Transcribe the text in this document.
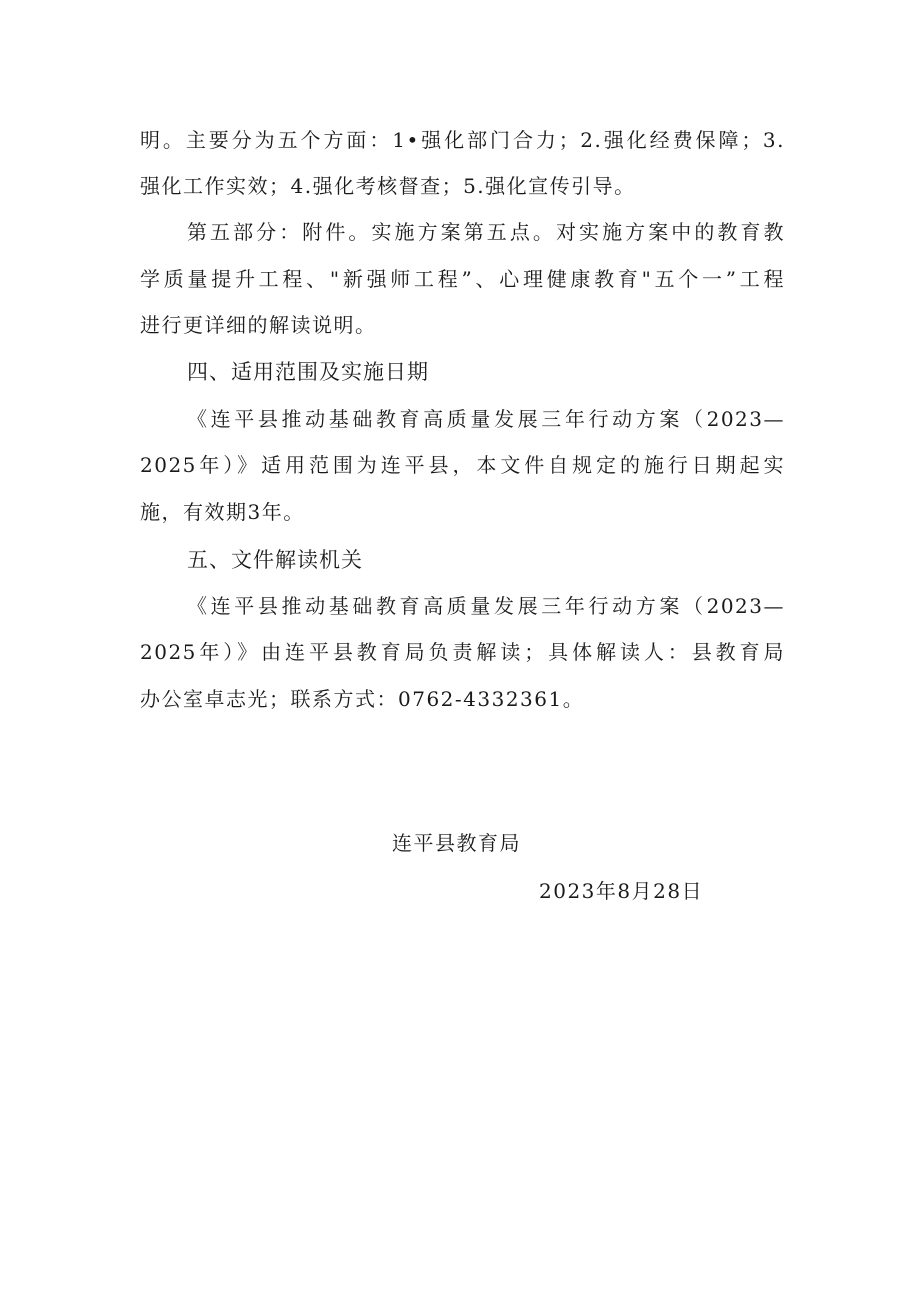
明。主要分为五个方面：1•强化部门合力；2.强化经费保障；3.
强化工作实效；4.强化考核督查；5.强化宣传引导。
第五部分：附件。实施方案第五点。对实施方案中的教育教
学质量提升工程、"新强师工程”、心理健康教育"五个一”工程
进行更详细的解读说明。
四、适用范围及实施日期
《连平县推动基础教育高质量发展三年行动方案（2023—
2025年）》适用范围为连平县，本文件自规定的施行日期起实
施，有效期3年。
五、文件解读机关
《连平县推动基础教育高质量发展三年行动方案（2023—
2025年）》由连平县教育局负责解读；具体解读人：县教育局
办公室卓志光；联系方式：0762-4332361。
连平县教育局
2023年8月28日
